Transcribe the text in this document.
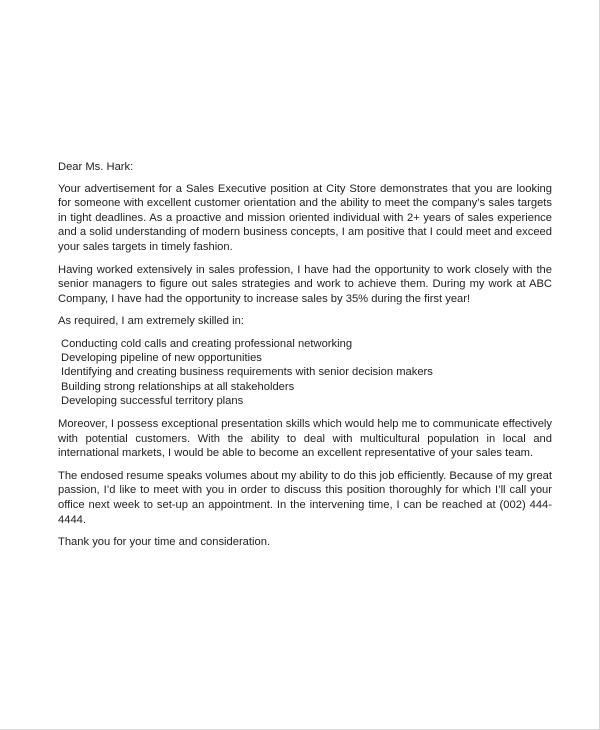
Dear Ms. Hark:

Your advertisement for a Sales Executive position at City Store demonstrates that you are looking for someone with excellent customer orientation and the ability to meet the company’s sales targets in tight deadlines. As a proactive and mission oriented individual with 2+ years of sales experience and a solid understanding of modern business concepts, I am positive that I could meet and exceed your sales targets in timely fashion.

Having worked extensively in sales profession, I have had the opportunity to work closely with the senior managers to figure out sales strategies and work to achieve them. During my work at ABC Company, I have had the opportunity to increase sales by 35% during the first year!

As required, I am extremely skilled in:

Conducting cold calls and creating professional networking
Developing pipeline of new opportunities
Identifying and creating business requirements with senior decision makers
Building strong relationships at all stakeholders
Developing successful territory plans

Moreover, I possess exceptional presentation skills which would help me to communicate effectively with potential customers. With the ability to deal with multicultural population in local and international markets, I would be able to become an excellent representative of your sales team.

The endosed resume speaks volumes about my ability to do this job efficiently. Because of my great passion, I’d like to meet with you in order to discuss this position thoroughly for which I’ll call your office next week to set-up an appointment. In the intervening time, I can be reached at (002) 444-4444.

Thank you for your time and consideration.
